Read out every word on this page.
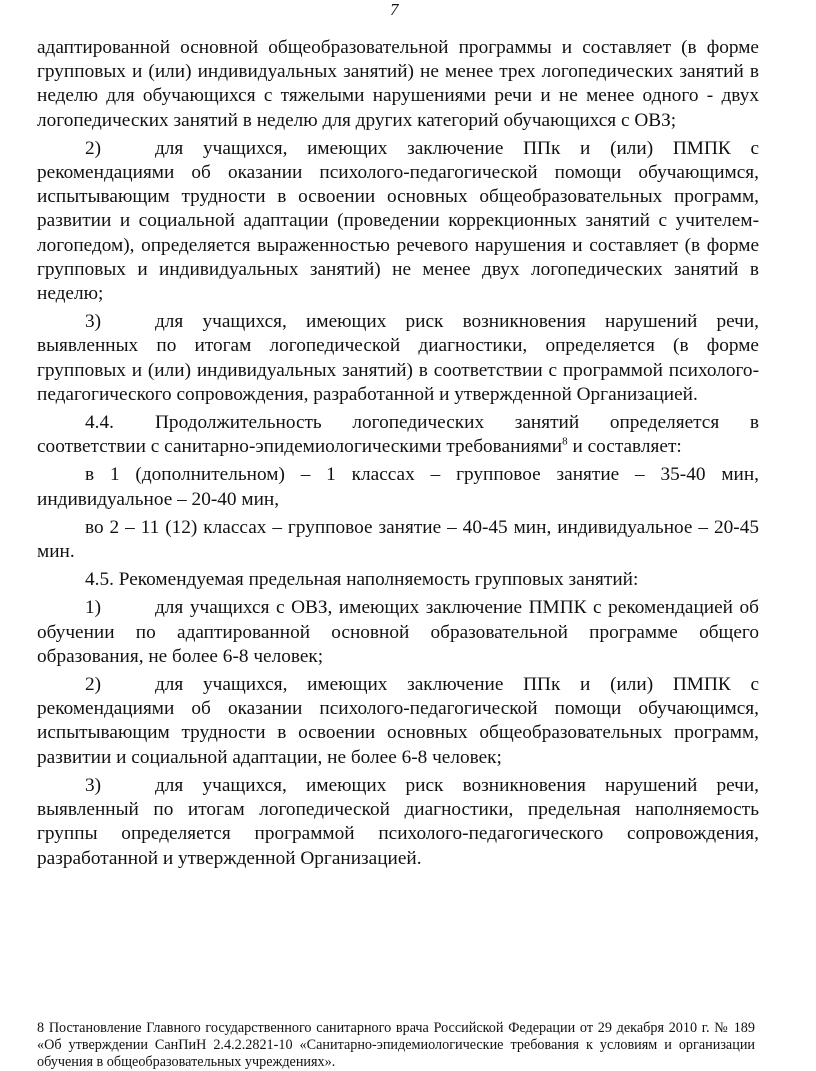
7

адаптированной основной общеобразовательной программы и составляет (в форме групповых и (или) индивидуальных занятий) не менее трех логопедических занятий в неделю для обучающихся с тяжелыми нарушениями речи и не менее одного - двух логопедических занятий в неделю для других категорий обучающихся с ОВЗ;

2)	для учащихся, имеющих заключение ППк и (или) ПМПК с рекомендациями об оказании психолого-педагогической помощи обучающимся, испытывающим трудности в освоении основных общеобразовательных программ, развитии и социальной адаптации (проведении коррекционных занятий с учителем-логопедом), определяется выраженностью речевого нарушения и составляет (в форме групповых и индивидуальных занятий) не менее двух логопедических занятий в неделю;

3)	для учащихся, имеющих риск возникновения нарушений речи, выявленных по итогам логопедической диагностики, определяется (в форме групповых и (или) индивидуальных занятий) в соответствии с программой психолого-педагогического сопровождения, разработанной и утвержденной Организацией.

4.4. Продолжительность логопедических занятий определяется в соответствии с санитарно-эпидемиологическими требованиями$^8$ и составляет:

в 1 (дополнительном) – 1 классах – групповое занятие – 35-40 мин, индивидуальное – 20-40 мин,

во 2 – 11 (12) классах – групповое занятие – 40-45 мин, индивидуальное – 20-45 мин.

4.5. Рекомендуемая предельная наполняемость групповых занятий:

1)	для учащихся с ОВЗ, имеющих заключение ПМПК с рекомендацией об обучении по адаптированной основной образовательной программе общего образования, не более 6-8 человек;

2)	для учащихся, имеющих заключение ППк и (или) ПМПК с рекомендациями об оказании психолого-педагогической помощи обучающимся, испытывающим трудности в освоении основных общеобразовательных программ, развитии и социальной адаптации, не более 6-8 человек;

3)	для учащихся, имеющих риск возникновения нарушений речи, выявленный по итогам логопедической диагностики, предельная наполняемость группы определяется программой психолого-педагогического сопровождения, разработанной и утвержденной Организацией.

8 Постановление Главного государственного санитарного врача Российской Федерации от 29 декабря 2010 г. № 189 «Об утверждении СанПиН 2.4.2.2821-10 «Санитарно-эпидемиологические требования к условиям и организации обучения в общеобразовательных учреждениях».
